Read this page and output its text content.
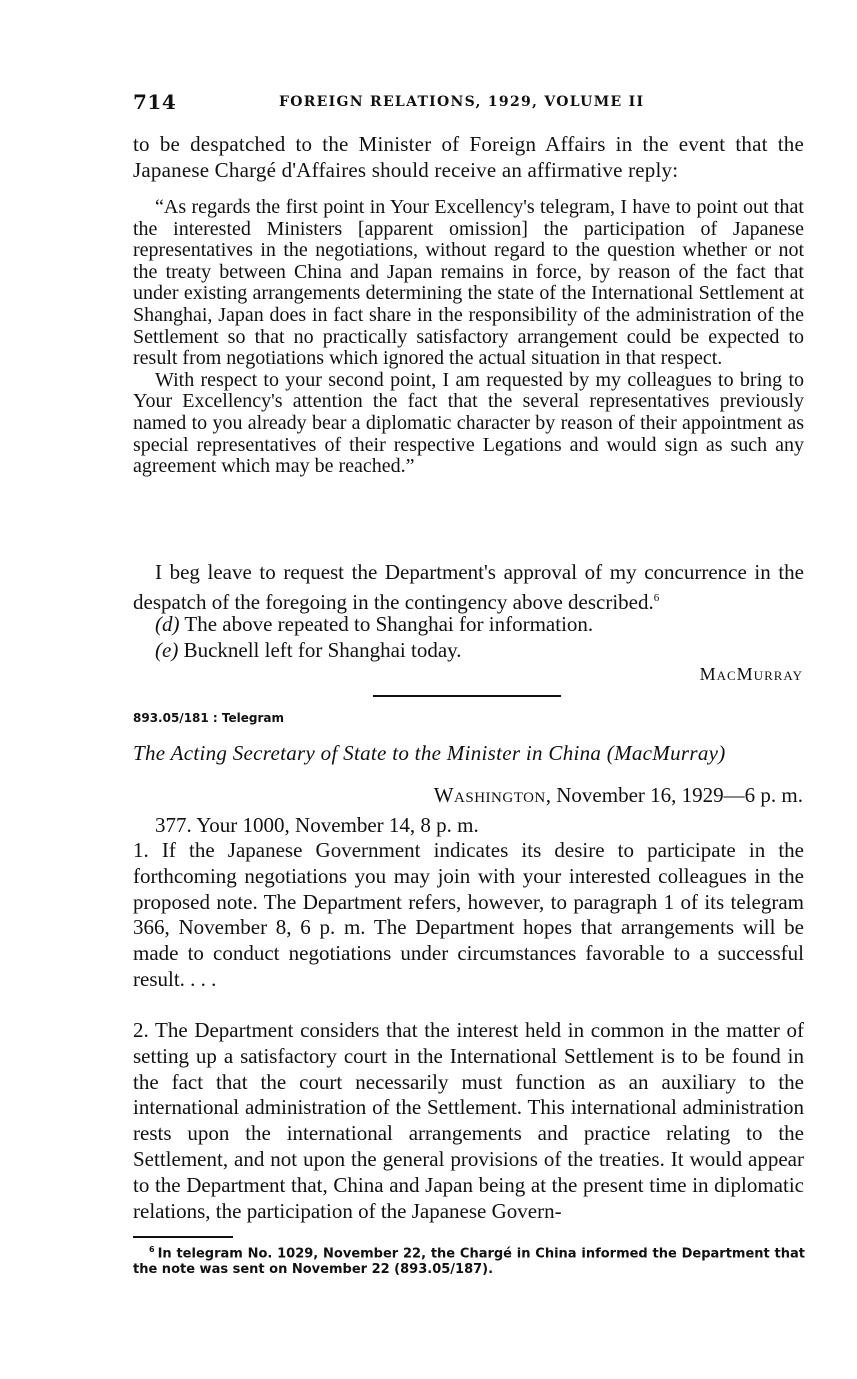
714	FOREIGN RELATIONS, 1929, VOLUME II
to be despatched to the Minister of Foreign Affairs in the event that the Japanese Chargé d'Affaires should receive an affirmative reply:

“As regards the first point in Your Excellency's telegram, I have to point out that the interested Ministers [apparent omission] the participation of Japanese representatives in the negotiations, without regard to the question whether or not the treaty between China and Japan remains in force, by reason of the fact that under existing arrangements determining the state of the International Settlement at Shanghai, Japan does in fact share in the responsibility of the administration of the Settlement so that no practically satisfactory arrangement could be expected to result from negotiations which ignored the actual situation in that respect.

With respect to your second point, I am requested by my colleagues to bring to Your Excellency's attention the fact that the several representatives previously named to you already bear a diplomatic character by reason of their appointment as special representatives of their respective Legations and would sign as such any agreement which may be reached.”

I beg leave to request the Department's approval of my concurrence in the despatch of the foregoing in the contingency above described.$^6$
(d) The above repeated to Shanghai for information.
(e) Bucknell left for Shanghai today.
MacMurray
893.05/181 : Telegram
The Acting Secretary of State to the Minister in China (MacMurray)
Washington, November 16, 1929—6 p. m.
377. Your 1000, November 14, 8 p. m.
1. If the Japanese Government indicates its desire to participate in the forthcoming negotiations you may join with your interested colleagues in the proposed note. The Department refers, however, to paragraph 1 of its telegram 366, November 8, 6 p. m. The Department hopes that arrangements will be made to conduct negotiations under circumstances favorable to a successful result. . . .
2. The Department considers that the interest held in common in the matter of setting up a satisfactory court in the International Settlement is to be found in the fact that the court necessarily must function as an auxiliary to the international administration of the Settlement. This international administration rests upon the international arrangements and practice relating to the Settlement, and not upon the general provisions of the treaties. It would appear to the Department that, China and Japan being at the present time in diplomatic relations, the participation of the Japanese Govern-
$^6$ In telegram No. 1029, November 22, the Chargé in China informed the Department that the note was sent on November 22 (893.05/187).
